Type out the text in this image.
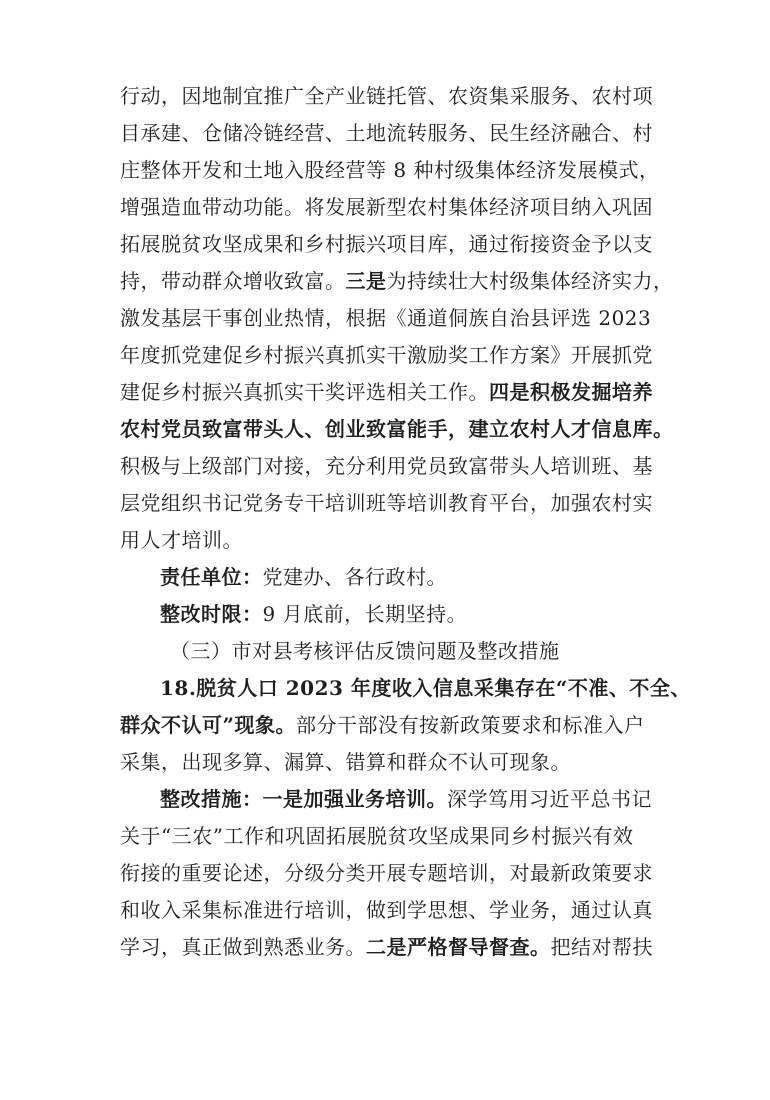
行动，因地制宜推广全产业链托管、农资集采服务、农村项
目承建、仓储冷链经营、土地流转服务、民生经济融合、村
庄整体开发和土地入股经营等 8 种村级集体经济发展模式，
增强造血带动功能。将发展新型农村集体经济项目纳入巩固
拓展脱贫攻坚成果和乡村振兴项目库，通过衔接资金予以支
持，带动群众增收致富。三是为持续壮大村级集体经济实力，
激发基层干事创业热情，根据《通道侗族自治县评选 2023
年度抓党建促乡村振兴真抓实干激励奖工作方案》开展抓党
建促乡村振兴真抓实干奖评选相关工作。四是积极发掘培养
农村党员致富带头人、创业致富能手，建立农村人才信息库。
积极与上级部门对接，充分利用党员致富带头人培训班、基
层党组织书记党务专干培训班等培训教育平台，加强农村实
用人才培训。
责任单位：党建办、各行政村。
整改时限：9 月底前，长期坚持。
（三）市对县考核评估反馈问题及整改措施
18.脱贫人口 2023 年度收入信息采集存在“不准、不全、
群众不认可”现象。部分干部没有按新政策要求和标准入户
采集，出现多算、漏算、错算和群众不认可现象。
整改措施：一是加强业务培训。深学笃用习近平总书记
关于“三农”工作和巩固拓展脱贫攻坚成果同乡村振兴有效
衔接的重要论述，分级分类开展专题培训，对最新政策要求
和收入采集标准进行培训，做到学思想、学业务，通过认真
学习，真正做到熟悉业务。二是严格督导督查。把结对帮扶
